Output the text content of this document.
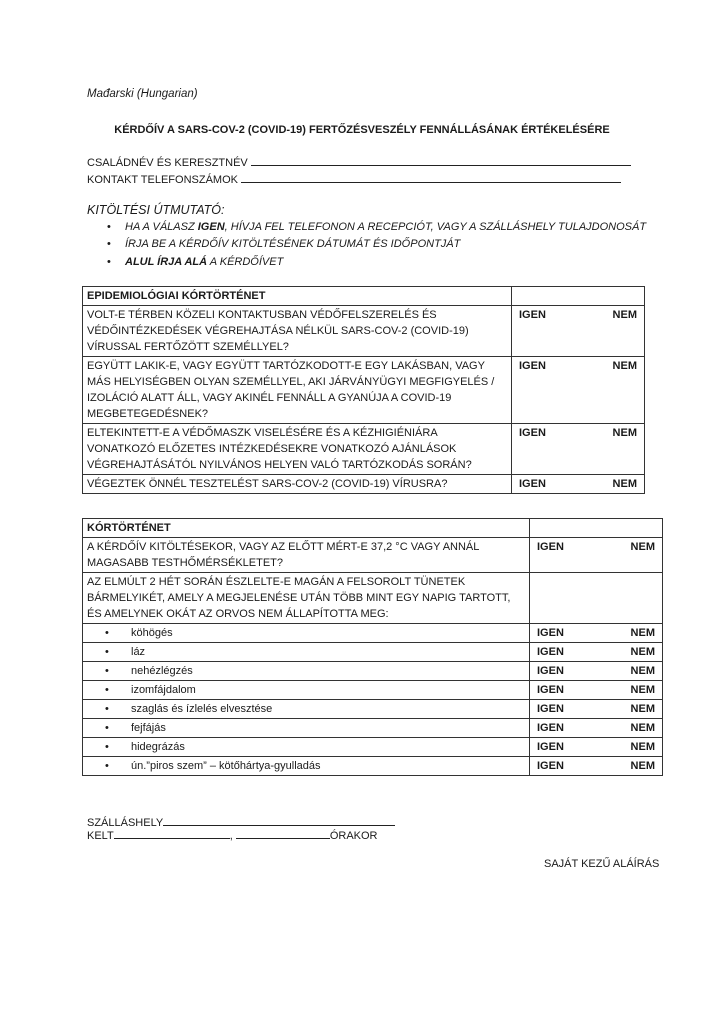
Mađarski (Hungarian)
KÉRDŐÍV A SARS-COV-2 (COVID-19) FERTŐZÉSVESZÉLY FENNÁLLÁSÁNAK ÉRTÉKELÉSÉRE
CSALÁDNÉV ÉS KERESZTNÉV
KONTAKT TELEFONSZÁMOK
KITÖLTÉSI ÚTMUTATÓ:
• HA A VÁLASZ IGEN, HÍVJA FEL TELEFONON A RECEPCIÓT, VAGY A SZÁLLÁSHELY TULAJDONOSÁT
• ÍRJA BE A KÉRDŐÍV KITÖLTÉSÉNEK DÁTUMÁT ÉS IDŐPONTJÁT
• ALUL ÍRJA ALÁ A KÉRDŐÍVET
EPIDEMIOLÓGIAI KÓRTÖRTÉNET	
VOLT-E TÉRBEN KÖZELI KONTAKTUSBAN VÉDŐFELSZERELÉS ÉS VÉDŐINTÉZKEDÉSEK VÉGREHAJTÁSA NÉLKÜL SARS-COV-2 (COVID-19) VÍRUSSAL FERTŐZÖTT SZEMÉLLYEL?	IGEN NEM

EGYÜTT LAKIK-E, VAGY EGYÜTT TARTÓZKODOTT-E EGY LAKÁSBAN, VAGY MÁS HELYISÉGBEN OLYAN SZEMÉLLYEL, AKI JÁRVÁNYÜGYI MEGFIGYELÉS / IZOLÁCIÓ ALATT ÁLL, VAGY AKINÉL FENNÁLL A GYANÚJA A COVID-19 MEGBETEGEDÉSNEK?	IGEN NEM

ELTEKINTETT-E A VÉDŐMASZK VISELÉSÉRE ÉS A KÉZHIGIÉNIÁRA VONATKOZÓ ELŐZETES INTÉZKEDÉSEKRE VONATKOZÓ AJÁNLÁSOK VÉGREHAJTÁSÁTÓL NYILVÁNOS HELYEN VALÓ TARTÓZKODÁS SORÁN?	IGEN NEM

VÉGEZTEK ÖNNÉL TESZTELÉST SARS-COV-2 (COVID-19) VÍRUSRA?	IGEN NEM
KÓRTÖRTÉNET	
A KÉRDŐÍV KITÖLTÉSEKOR, VAGY AZ ELŐTT MÉRT-E 37,2 °C VAGY ANNÁL MAGASABB TESTHŐMÉRSÉKLETET?	IGEN NEM

AZ ELMÚLT 2 HÉT SORÁN ÉSZLELTE-E MAGÁN A FELSOROLT TÜNETEK BÁRMELYIKÉT, AMELY A MEGJELENÉSE UTÁN TÖBB MINT EGY NAPIG TARTOTT, ÉS AMELYNEK OKÁT AZ ORVOS NEM ÁLLAPÍTOTTA MEG:	
• köhögés	IGEN NEM

• láz	IGEN NEM

• nehézlégzés	IGEN NEM

• izomfájdalom	IGEN NEM

• szaglás és ízlelés elvesztése	IGEN NEM

• fejfájás	IGEN NEM

• hidegrázás	IGEN NEM

• ún.”piros szem” – kötőhártya-gyulladás	IGEN NEM
SZÁLLÁSHELY
KELT	,	ÓRAKOR
SAJÁT KEZŰ ALÁÍRÁS
